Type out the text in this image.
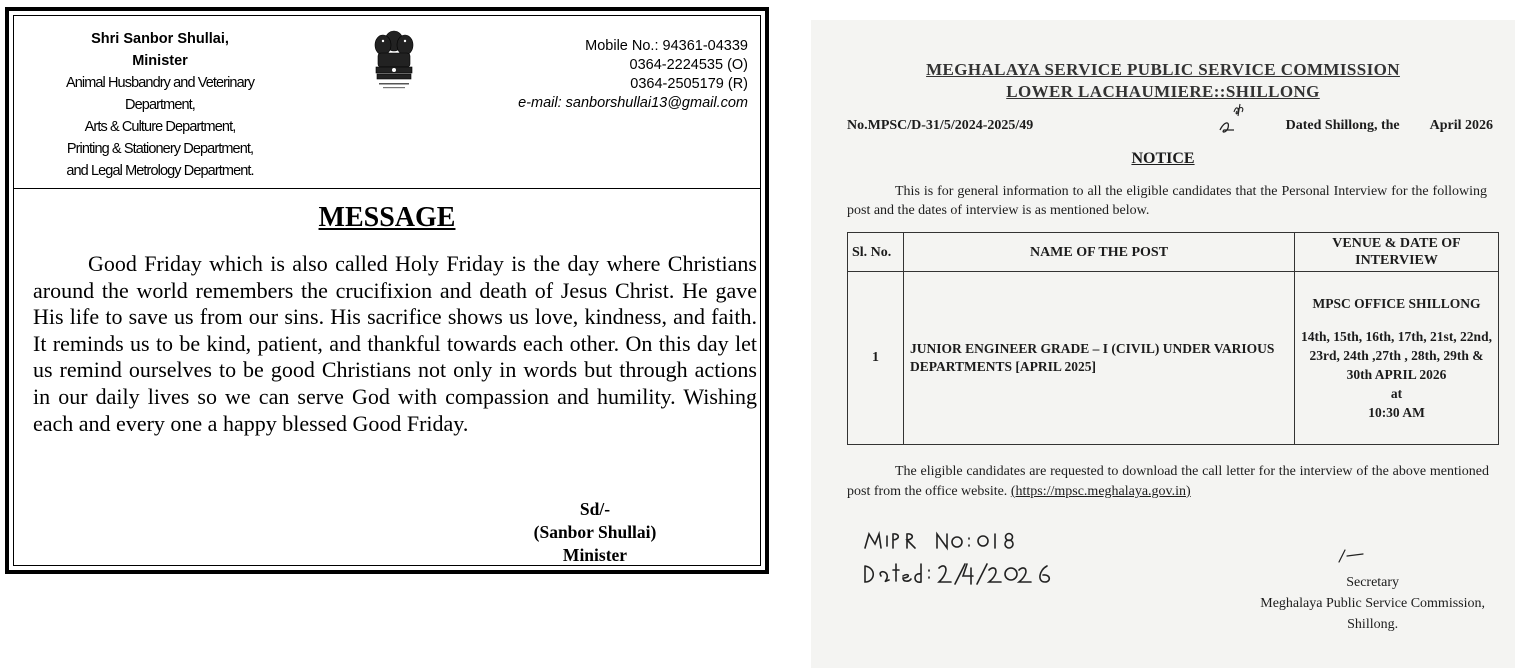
Shri Sanbor Shullai,
Minister
Animal Husbandry and Veterinary
Department,
Arts & Culture Department,
Printing & Stationery Department,
and Legal Metrology Department.
Mobile No.: 94361-04339
0364-2224535 (O)
0364-2505179 (R)
e-mail: sanborshullai13@gmail.com
MESSAGE

Good Friday which is also called Holy Friday is the day where Christians around the world remembers the crucifixion and death of Jesus Christ. He gave His life to save us from our sins. His sacrifice shows us love, kindness, and faith. It reminds us to be kind, patient, and thankful towards each other. On this day let us remind ourselves to be good Christians not only in words but through actions in our daily lives so we can serve God with compassion and humility. Wishing each and every one a happy blessed Good Friday.

Sd/-
(Sanbor Shullai)
Minister
MEGHALAYA SERVICE PUBLIC SERVICE COMMISSION
LOWER LACHAUMIERE::SHILLONG
No.MPSC/D-31/5/2024-2025/49	Dated Shillong, the April 2026
NOTICE

This is for general information to all the eligible candidates that the Personal Interview for the following post and the dates of interview is as mentioned below.

Sl. No.	NAME OF THE POST	VENUE & DATE OF INTERVIEW
1	JUNIOR ENGINEER GRADE – I (CIVIL) UNDER VARIOUS DEPARTMENTS [APRIL 2025]	MPSC OFFICE SHILLONG
14th, 15th, 16th, 17th, 21st, 22nd, 23rd, 24th ,27th , 28th, 29th & 30th APRIL 2026
at
10:30 AM

The eligible candidates are requested to download the call letter for the interview of the above mentioned post from the office website. (https://mpsc.meghalaya.gov.in)

Secretary
Meghalaya Public Service Commission,
Shillong.
